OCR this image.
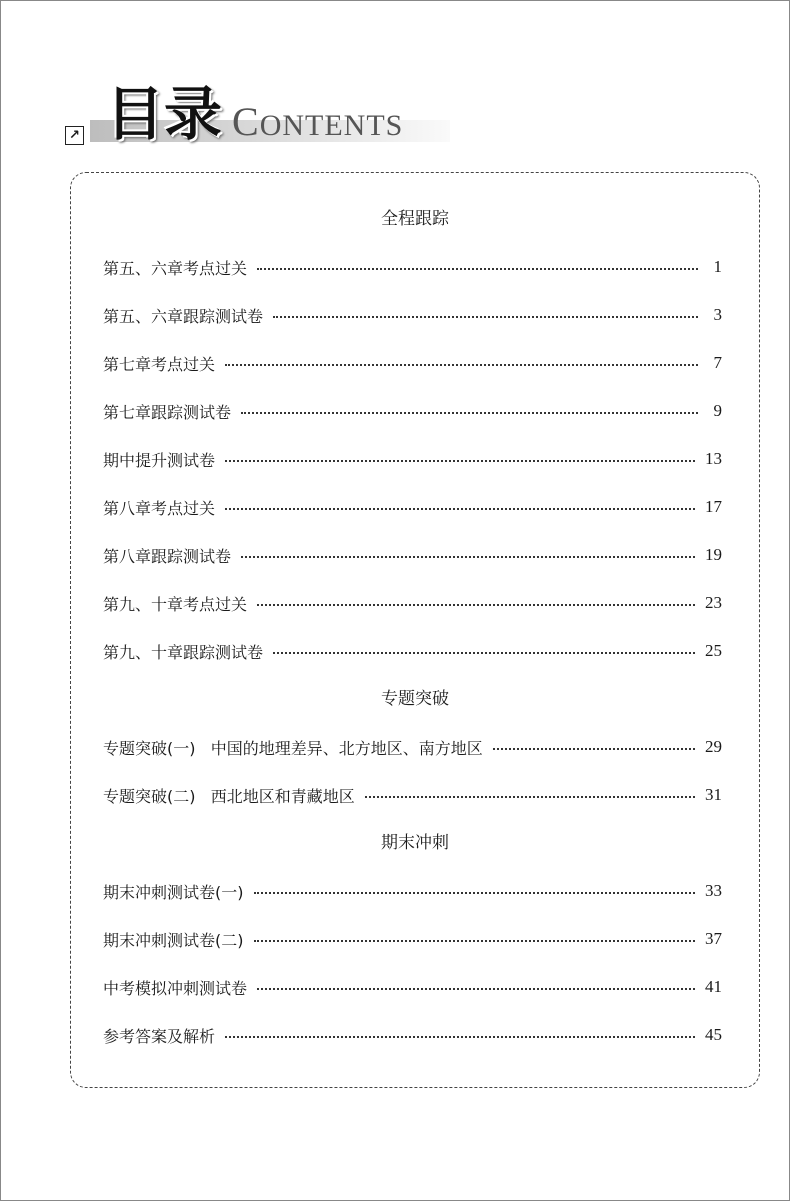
↗ 目录 CONTENTS
全程跟踪
第五、六章考点过关	1
第五、六章跟踪测试卷	3
第七章考点过关	7
第七章跟踪测试卷	9
期中提升测试卷	13
第八章考点过关	17
第八章跟踪测试卷	19
第九、十章考点过关	23
第九、十章跟踪测试卷	25
专题突破
专题突破(一)   中国的地理差异、北方地区、南方地区	29
专题突破(二)   西北地区和青藏地区	31
期末冲刺
期末冲刺测试卷(一)	33
期末冲刺测试卷(二)	37
中考模拟冲刺测试卷	41
参考答案及解析	45
